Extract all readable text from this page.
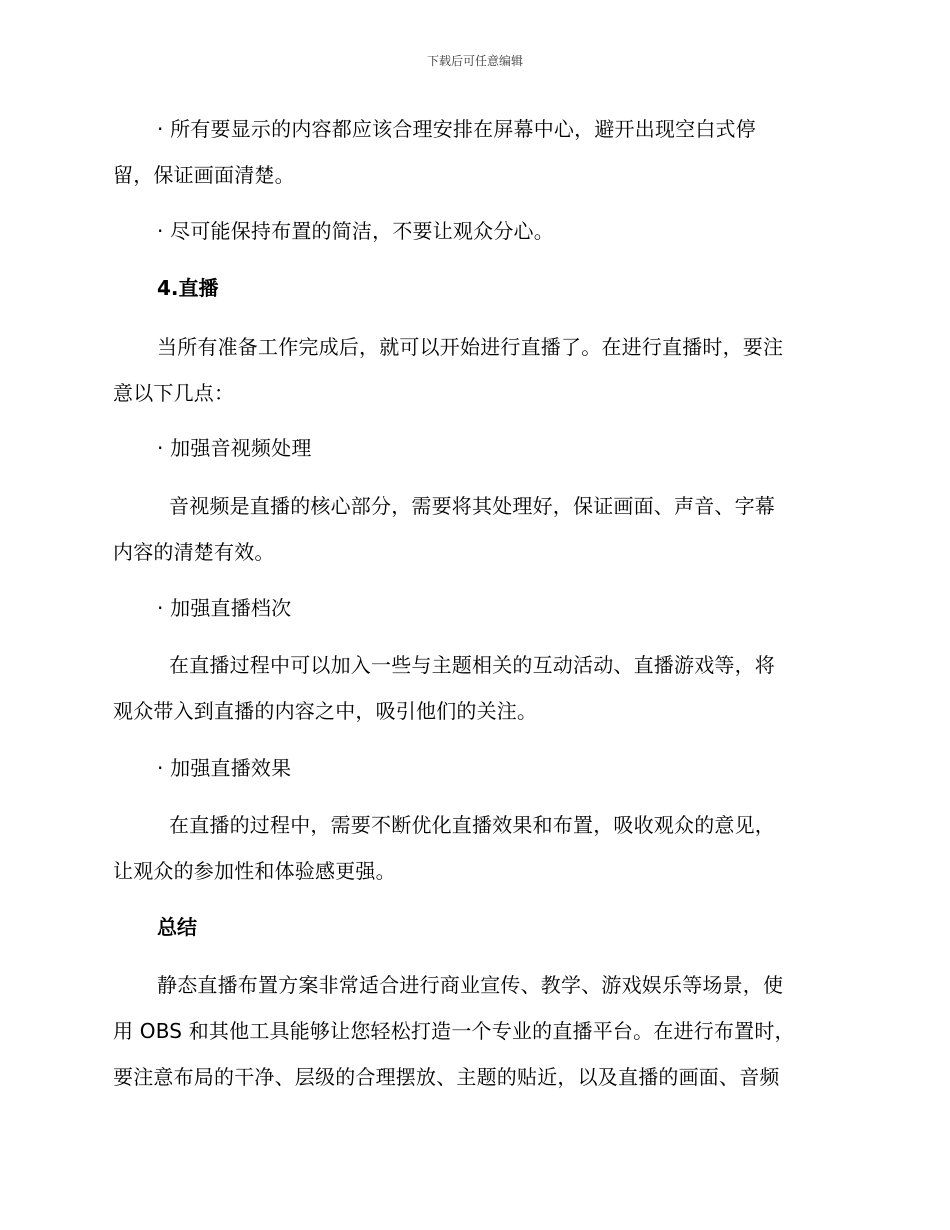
下载后可任意编辑
· 所有要显示的内容都应该合理安排在屏幕中心，避开出现空白式停
留，保证画面清楚。
· 尽可能保持布置的简洁，不要让观众分心。
4.直播
当所有准备工作完成后，就可以开始进行直播了。在进行直播时，要注
意以下几点：
· 加强音视频处理
音视频是直播的核心部分，需要将其处理好，保证画面、声音、字幕
内容的清楚有效。
· 加强直播档次
在直播过程中可以加入一些与主题相关的互动活动、直播游戏等，将
观众带入到直播的内容之中，吸引他们的关注。
· 加强直播效果
在直播的过程中，需要不断优化直播效果和布置，吸收观众的意见，
让观众的参加性和体验感更强。
总结
静态直播布置方案非常适合进行商业宣传、教学、游戏娱乐等场景，使
用 OBS 和其他工具能够让您轻松打造一个专业的直播平台。在进行布置时，
要注意布局的干净、层级的合理摆放、主题的贴近，以及直播的画面、音频
